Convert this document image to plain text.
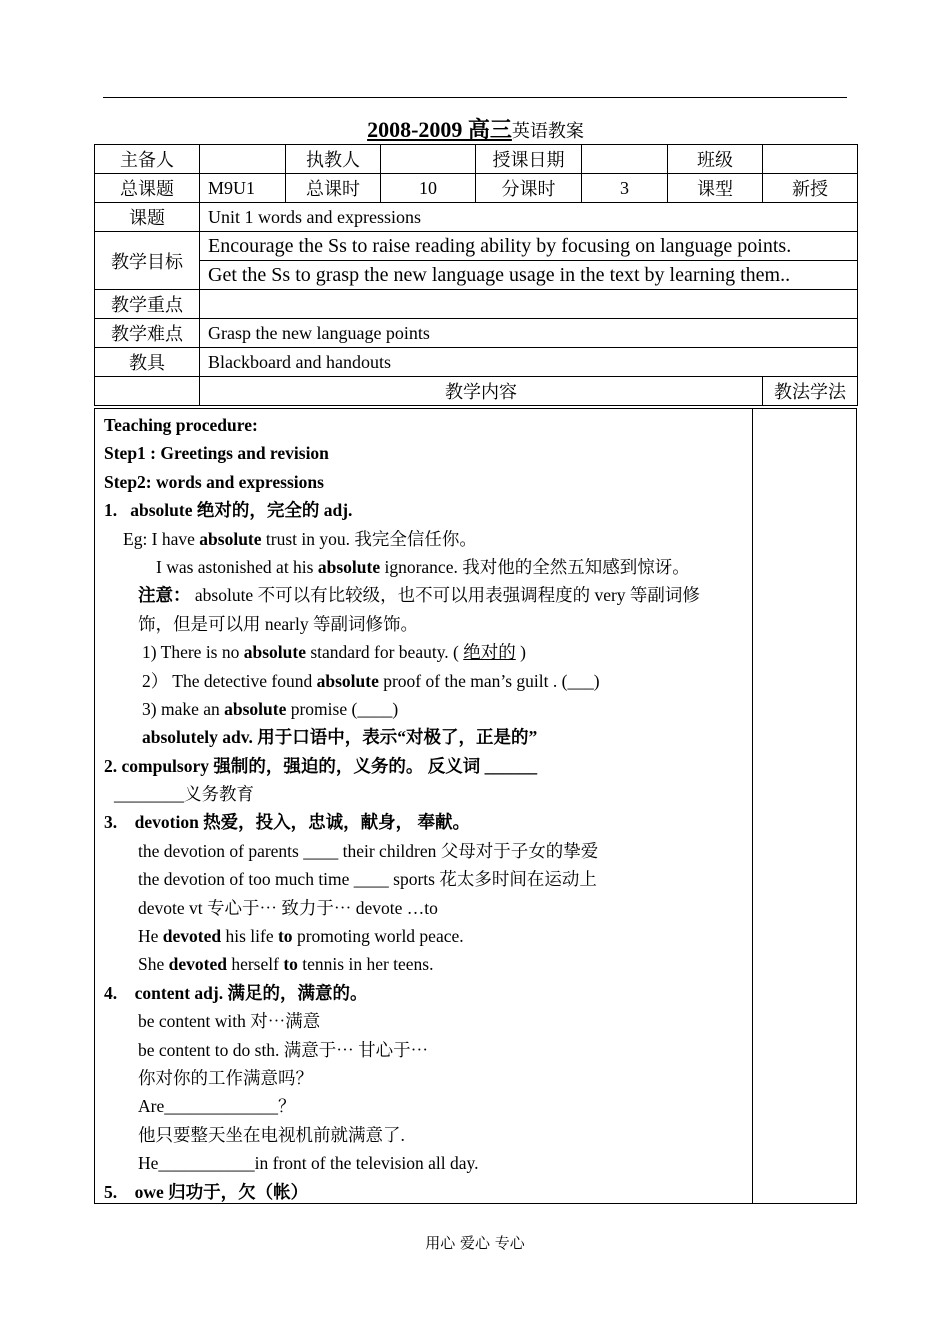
2008-2009 高三英语教案
主备人		执教人		授课日期		班级	
总课题	M9U1	总课时	10	分课时	3	课型	新授
课题	Unit 1 words and expressions						
教学目标	Encourage the Ss to raise reading ability by focusing on language points.						
	Get the Ss to grasp the new language usage in the text by learning them..						
教学重点							
教学难点	Grasp the new language points						
教具	Blackboard and handouts						
	教学内容						教法学法
Teaching procedure:
Step1 : Greetings and revision
Step2: words and expressions
1. absolute 绝对的，完全的 adj.
Eg: I have absolute trust in you. 我完全信任你。
I was astonished at his absolute ignorance. 我对他的全然五知感到惊讶。
注意： absolute 不可以有比较级，也不可以用表强调程度的 very 等副词修
饰，但是可以用 nearly 等副词修饰。
1) There is no absolute standard for beauty. ( 绝对的 )
2） The detective found absolute proof of the man’s guilt . (___)
3) make an absolute promise (____)
absolutely adv. 用于口语中，表示“对极了，正是的”
2. compulsory 强制的，强迫的，义务的。 反义词 ______
________义务教育
3. devotion 热爱，投入，忠诚，献身， 奉献。
the devotion of parents ____ their children 父母对于子女的挚爱
the devotion of too much time ____ sports 花太多时间在运动上
devote vt 专心于⋯ 致力于⋯ devote …to
He devoted his life to promoting world peace.
She devoted herself to tennis in her teens.
4. content adj. 满足的，满意的。
be content with 对⋯满意
be content to do sth. 满意于⋯ 甘心于⋯
你对你的工作满意吗？
Are_____________？
他只要整天坐在电视机前就满意了.
He___________in front of the television all day.
5. owe 归功于，欠（帐）
用心 爱心 专心
